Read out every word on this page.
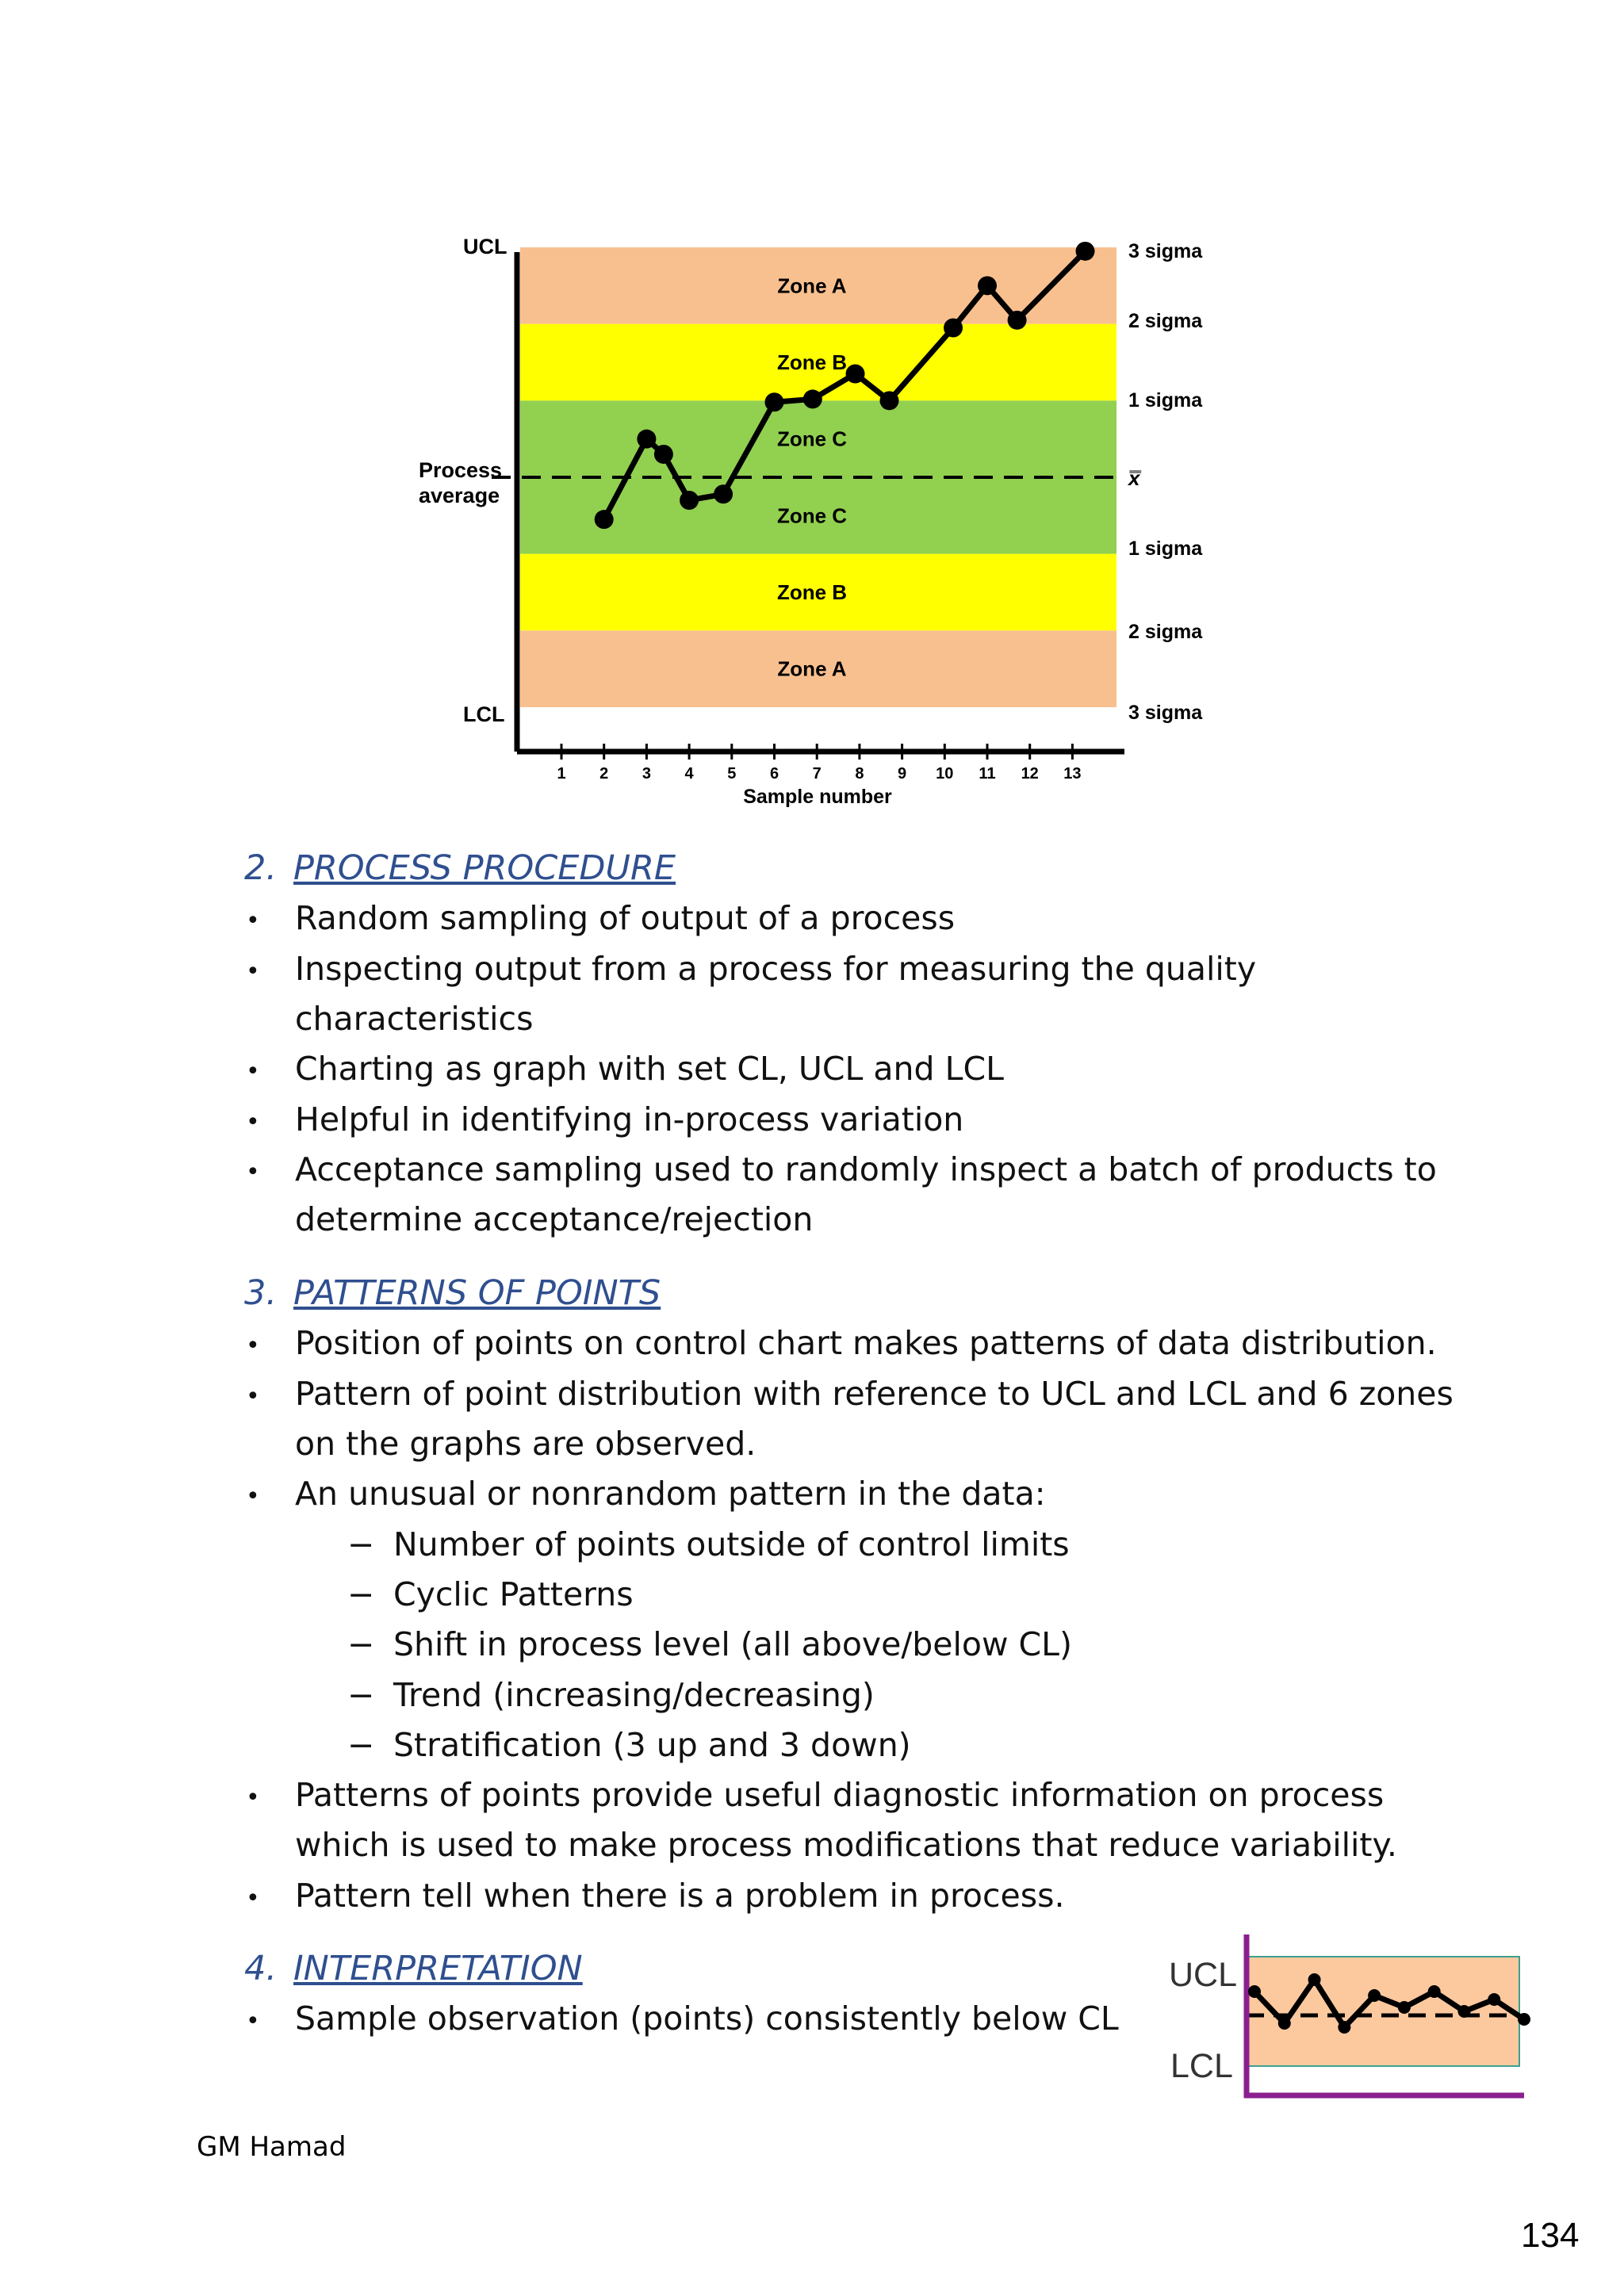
Zone A
Zone B
Zone C
Zone C
Zone B
Zone A
1 2 3 4 5 6 7 8 9 10 11 12 13
UCL
Process
average
LCL
3 sigma
2 sigma
1 sigma
x̿
1 sigma
2 sigma
3 sigma
Sample number
2. PROCESS PROCEDURE
• Random sampling of output of a process
• Inspecting output from a process for measuring the quality
characteristics
• Charting as graph with set CL, UCL and LCL
• Helpful in identifying in-process variation
• Acceptance sampling used to randomly inspect a batch of products to
determine acceptance/rejection
3. PATTERNS OF POINTS
• Position of points on control chart makes patterns of data distribution.
• Pattern of point distribution with reference to UCL and LCL and 6 zones
on the graphs are observed.
• An unusual or nonrandom pattern in the data:
− Number of points outside of control limits
− Cyclic Patterns
− Shift in process level (all above/below CL)
− Trend (increasing/decreasing)
− Stratification (3 up and 3 down)
• Patterns of points provide useful diagnostic information on process
which is used to make process modifications that reduce variability.
• Pattern tell when there is a problem in process.
4. INTERPRETATION
• Sample observation (points) consistently below CL
UCL
LCL
GM Hamad
134
